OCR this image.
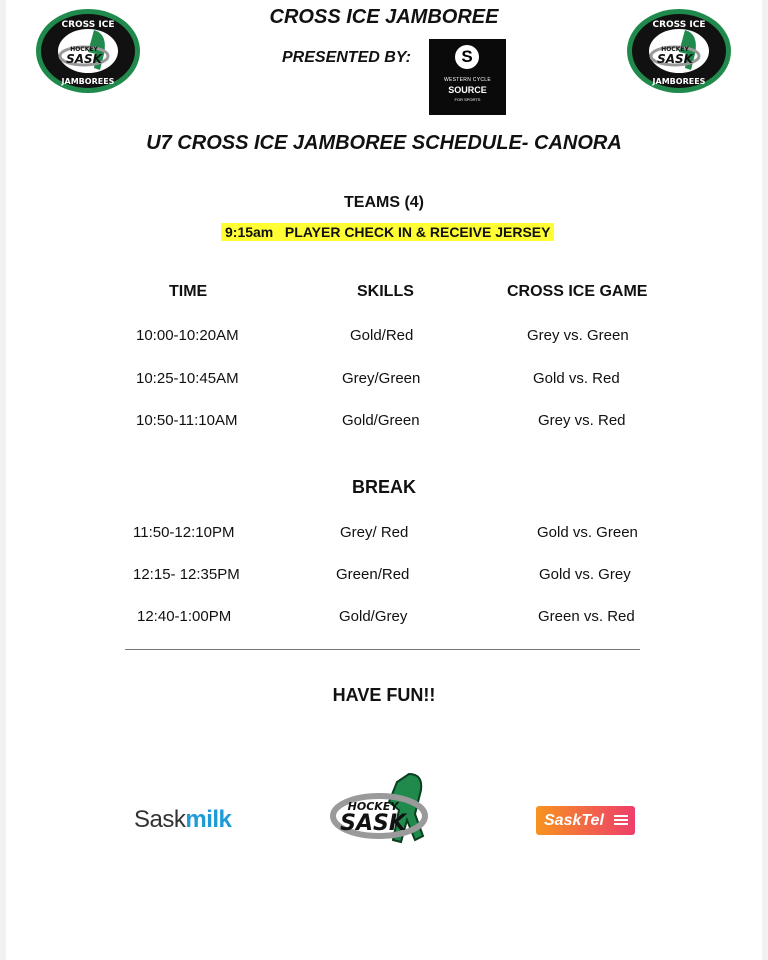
CROSS ICE
HOCKEY
SASK
JAMBOREES
CROSS ICE
HOCKEY
SASK
JAMBOREES
CROSS ICE JAMBOREE
PRESENTED BY:	S
WESTERN CYCLE
SOURCE
FOR SPORTS
U7 CROSS ICE JAMBOREE SCHEDULE- CANORA
TEAMS (4)
9:15am   PLAYER CHECK IN & RECEIVE JERSEY
TIME	SKILLS	CROSS ICE GAME
10:00-10:20AM	Gold/Red	Grey vs. Green
10:25-10:45AM	Grey/Green	Gold vs. Red
10:50-11:10AM	Gold/Green	Grey vs. Red
BREAK
11:50-12:10PM	Grey/ Red	Gold vs. Green
12:15- 12:35PM	Green/Red	Gold vs. Grey
12:40-1:00PM	Gold/Grey	Green vs. Red
HAVE FUN!!
Saskmilk	HOCKEY
SASK	SaskTel
